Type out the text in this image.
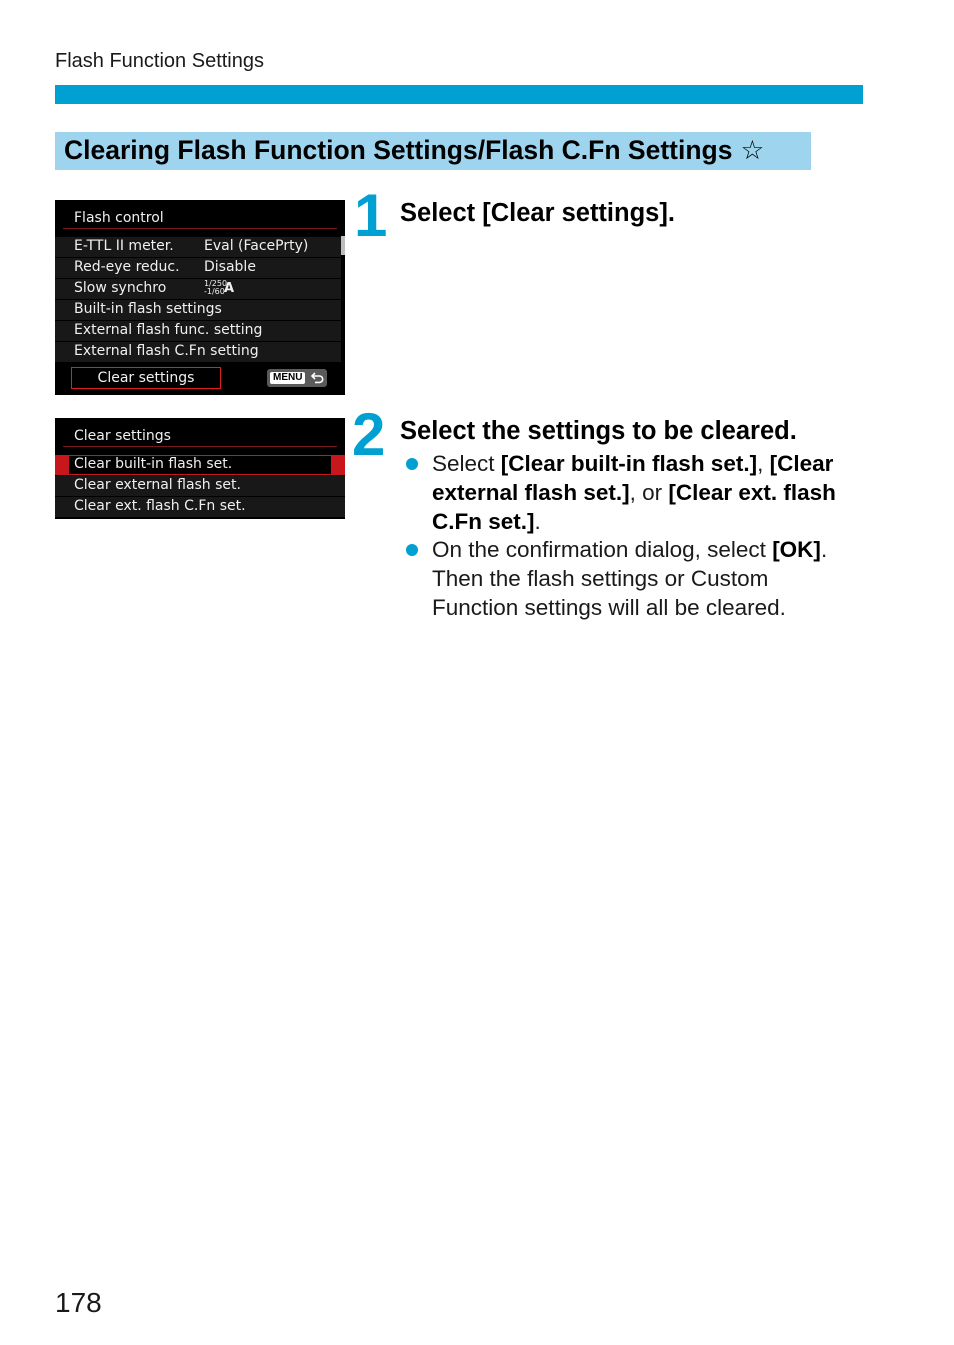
Flash Function Settings
Clearing Flash Function Settings/Flash C.Fn Settings ☆
Flash control
E-TTL II meter. Eval (FacePrty)
Red-eye reduc. Disable
Slow synchro	1/250
-1/60 A
Built-in flash settings
External flash func. setting
External flash C.Fn setting
Clear settings	MENU
Clear settings
Clear built-in flash set.
Clear external flash set.
Clear ext. flash C.Fn set.
1 Select [Clear settings].
2 Select the settings to be cleared.
Select [Clear built-in flash set.], [Clear
external flash set.], or [Clear ext. flash
C.Fn set.].
On the confirmation dialog, select [OK].
Then the flash settings or Custom
Function settings will all be cleared.
178
